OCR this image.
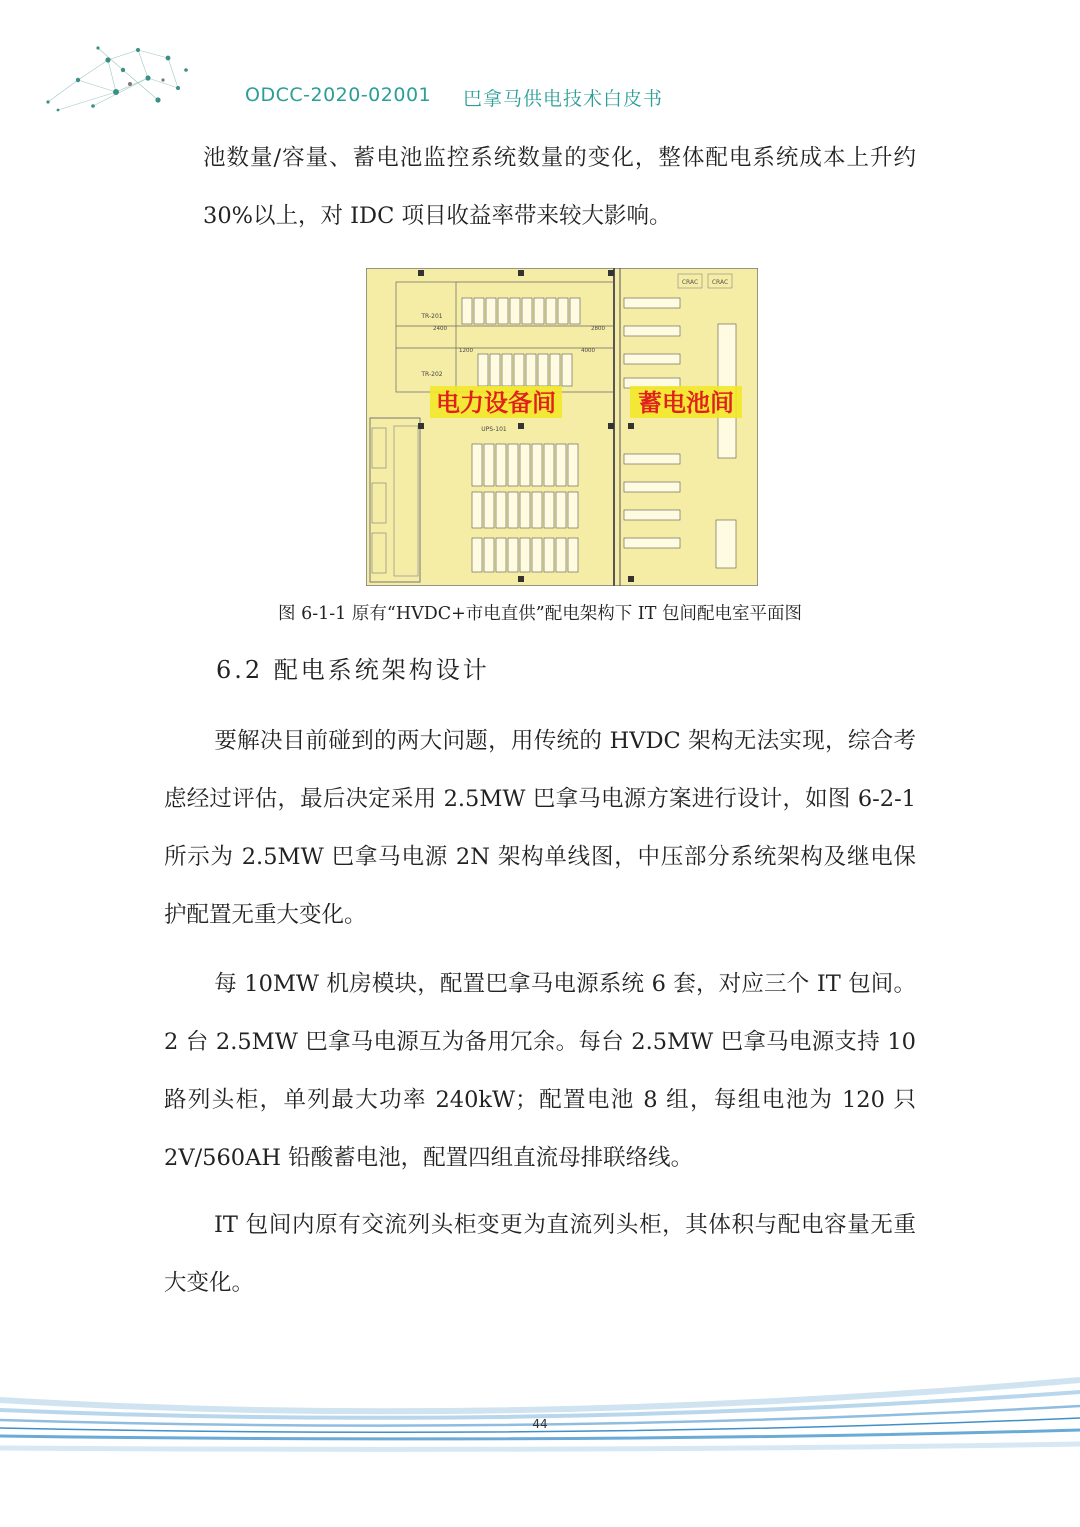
ODCC-2020-02001 巴拿马供电技术白皮书

池数量/容量、蓄电池监控系统数量的变化，整体配电系统成本上升约 30%以上，对 IDC 项目收益率带来较大影响。

CRAC CRAC
TR-201
TR-202
UPS-101
2800
4000
2400
1200
电力设备间	蓄电池间
图 6-1-1 原有“HVDC+市电直供”配电架构下 IT 包间配电室平面图
6.2 配电系统架构设计

要解决目前碰到的两大问题，用传统的 HVDC 架构无法实现，综合考虑经过评估，最后决定采用 2.5MW 巴拿马电源方案进行设计，如图 6-2-1 所示为 2.5MW 巴拿马电源 2N 架构单线图，中压部分系统架构及继电保护配置无重大变化。

每 10MW 机房模块，配置巴拿马电源系统 6 套，对应三个 IT 包间。2 台 2.5MW 巴拿马电源互为备用冗余。每台 2.5MW 巴拿马电源支持 10 路列头柜，单列最大功率 240kW；配置电池 8 组，每组电池为 120 只 2V/560AH 铅酸蓄电池，配置四组直流母排联络线。

IT 包间内原有交流列头柜变更为直流列头柜，其体积与配电容量无重大变化。

44
